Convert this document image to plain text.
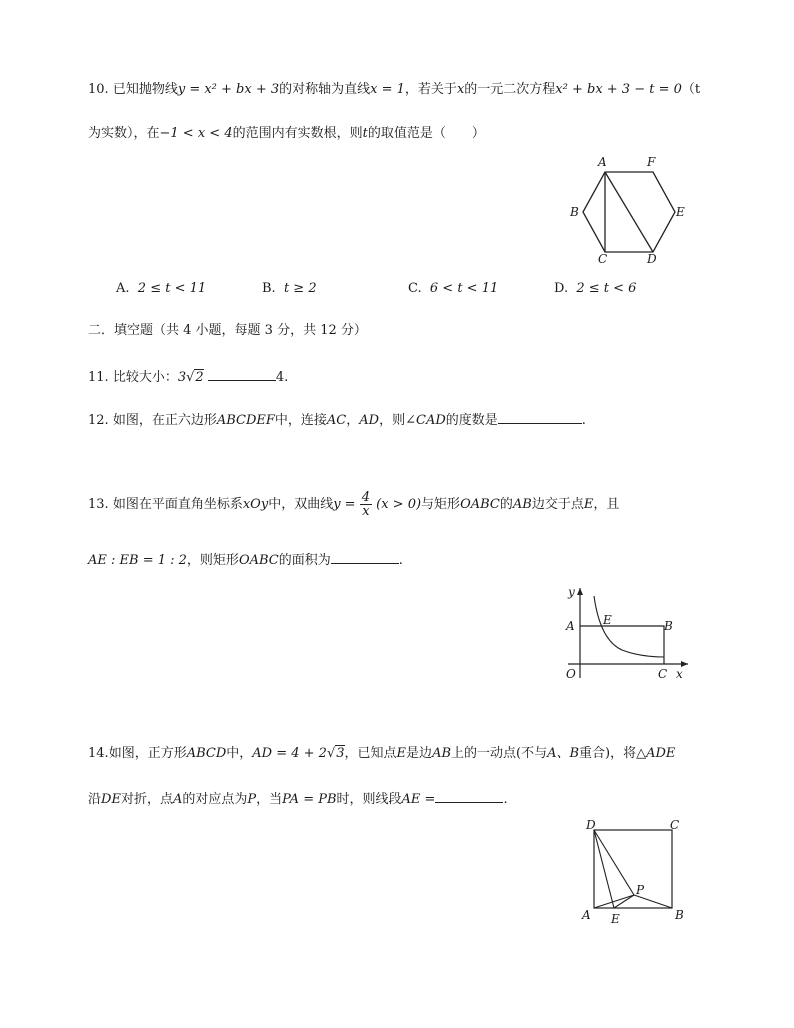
10. 已知抛物线y = x² + bx + 3的对称轴为直线x = 1，若关于x的一元二次方程x² + bx + 3 − t = 0（t
为实数），在−1 < x < 4的范围内有实数根，则t的取值范是（　　）
A	F
B	E
C	D
A. 2 ≤ t < 11	B. t ≥ 2	C. 6 < t < 11	D. 2 ≤ t < 6
二．填空题（共 4 小题，每题 3 分，共 12 分）
11. 比较大小：3√2	4.
12. 如图，在正六边形ABCDEF中，连接AC，AD，则∠CAD的度数是	.
13. 如图在平面直角坐标系xOy中，双曲线$y = \frac{4}{x} (x > 0)$与矩形OABC的AB边交于点E，且
AE : EB = 1 : 2，则矩形OABC的面积为	.
y
A E	B
O	C x
14.如图，正方形ABCD中，AD = 4 + 2√3，已知点E是边AB上的一动点(不与A、B重合)，将△ADE
沿DE对折，点A的对应点为P，当PA = PB时，则线段AE =	.
D	C
P
A E	B
